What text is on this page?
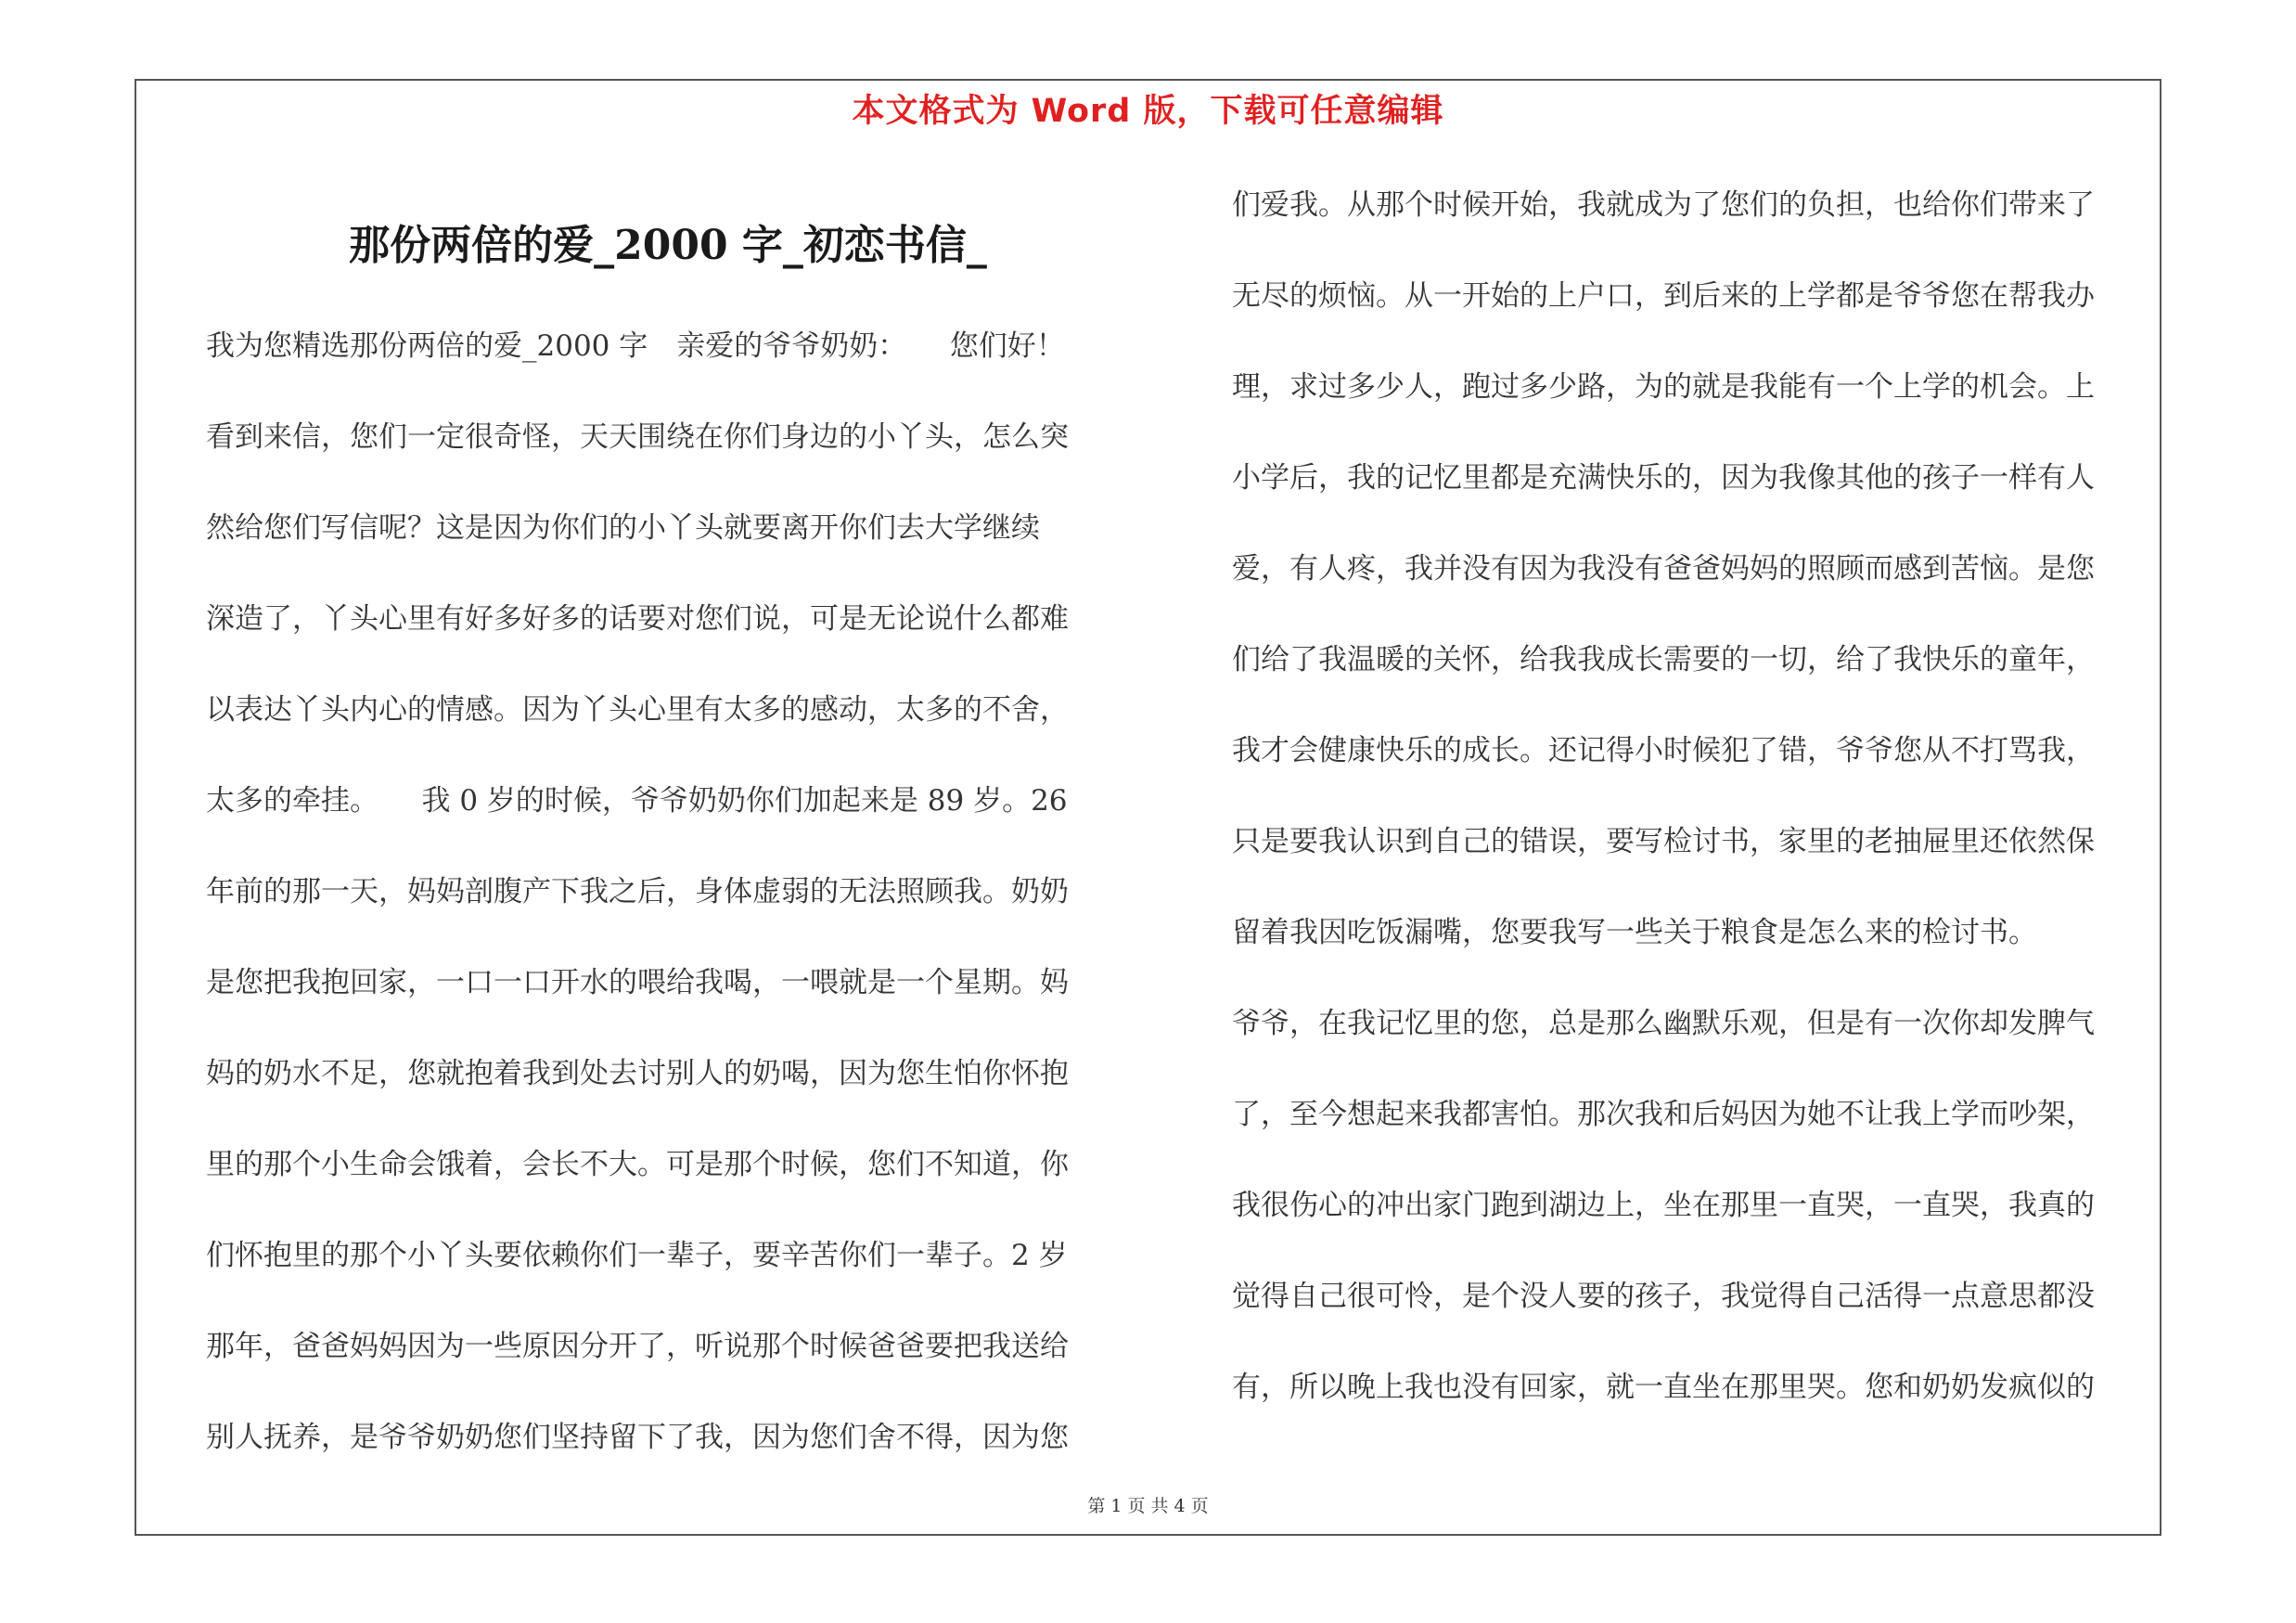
本文格式为 Word 版，下载可任意编辑
那份两倍的爱_2000 字_初恋书信_
我为您精选那份两倍的爱_2000 字　亲爱的爷爷奶奶：　　您们好！
看到来信，您们一定很奇怪，天天围绕在你们身边的小丫头，怎么突
然给您们写信呢？这是因为你们的小丫头就要离开你们去大学继续
深造了，丫头心里有好多好多的话要对您们说，可是无论说什么都难
以表达丫头内心的情感。因为丫头心里有太多的感动，太多的不舍，
太多的牵挂。　　我 0 岁的时候，爷爷奶奶你们加起来是 89 岁。26
年前的那一天，妈妈剖腹产下我之后，身体虚弱的无法照顾我。奶奶
是您把我抱回家，一口一口开水的喂给我喝，一喂就是一个星期。妈
妈的奶水不足，您就抱着我到处去讨别人的奶喝，因为您生怕你怀抱
里的那个小生命会饿着，会长不大。可是那个时候，您们不知道，你
们怀抱里的那个小丫头要依赖你们一辈子，要辛苦你们一辈子。2 岁
那年，爸爸妈妈因为一些原因分开了，听说那个时候爸爸要把我送给
别人抚养，是爷爷奶奶您们坚持留下了我，因为您们舍不得，因为您
们爱我。从那个时候开始，我就成为了您们的负担，也给你们带来了
无尽的烦恼。从一开始的上户口，到后来的上学都是爷爷您在帮我办
理，求过多少人，跑过多少路，为的就是我能有一个上学的机会。上
小学后，我的记忆里都是充满快乐的，因为我像其他的孩子一样有人
爱，有人疼，我并没有因为我没有爸爸妈妈的照顾而感到苦恼。是您
们给了我温暖的关怀，给我我成长需要的一切，给了我快乐的童年，
我才会健康快乐的成长。还记得小时候犯了错，爷爷您从不打骂我，
只是要我认识到自己的错误，要写检讨书，家里的老抽屉里还依然保
留着我因吃饭漏嘴，您要我写一些关于粮食是怎么来的检讨书。
爷爷，在我记忆里的您，总是那么幽默乐观，但是有一次你却发脾气
了，至今想起来我都害怕。那次我和后妈因为她不让我上学而吵架，
我很伤心的冲出家门跑到湖边上，坐在那里一直哭，一直哭，我真的
觉得自己很可怜，是个没人要的孩子，我觉得自己活得一点意思都没
有，所以晚上我也没有回家，就一直坐在那里哭。您和奶奶发疯似的
第 1 页 共 4 页
